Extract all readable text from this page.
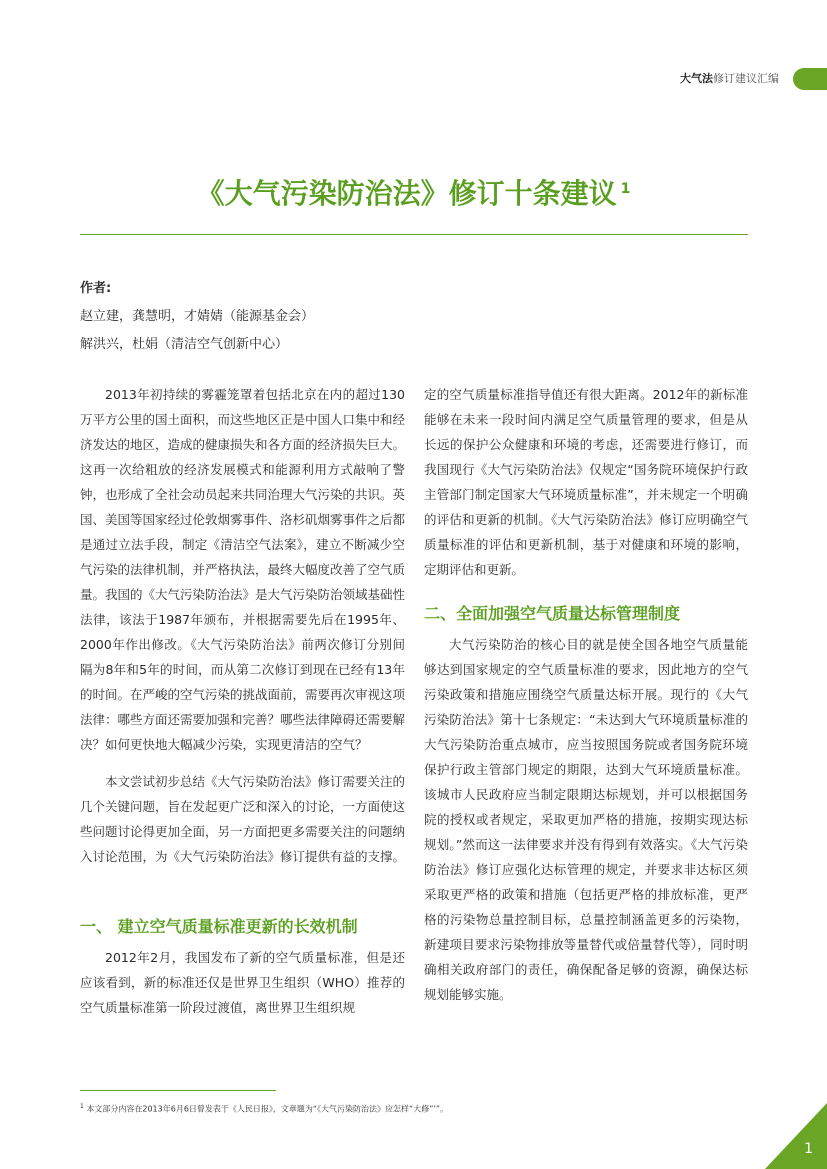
大气法修订建议汇编
《大气污染防治法》修订十条建议 $^1$
作者:
赵立建，龚慧明，才婧婧（能源基金会）
解洪兴，杜娟（清洁空气创新中心）

2013年初持续的雾霾笼罩着包括北京在内的超过130万平方公里的国土面积，而这些地区正是中国人口集中和经济发达的地区，造成的健康损失和各方面的经济损失巨大。这再一次给粗放的经济发展模式和能源利用方式敲响了警钟，也形成了全社会动员起来共同治理大气污染的共识。英国、美国等国家经过伦敦烟雾事件、洛杉矶烟雾事件之后都是通过立法手段，制定《清洁空气法案》，建立不断减少空气污染的法律机制，并严格执法，最终大幅度改善了空气质量。我国的《大气污染防治法》是大气污染防治领域基础性法律，该法于1987年颁布，并根据需要先后在1995年、2000年作出修改。《大气污染防治法》前两次修订分别间隔为8年和5年的时间，而从第二次修订到现在已经有13年的时间。在严峻的空气污染的挑战面前，需要再次审视这项法律：哪些方面还需要加强和完善？哪些法律障碍还需要解决？如何更快地大幅减少污染，实现更清洁的空气？

本文尝试初步总结《大气污染防治法》修订需要关注的几个关键问题，旨在发起更广泛和深入的讨论，一方面使这些问题讨论得更加全面，另一方面把更多需要关注的问题纳入讨论范围，为《大气污染防治法》修订提供有益的支撑。

一、 建立空气质量标准更新的长效机制

2012年2月，我国发布了新的空气质量标准，但是还应该看到，新的标准还仅是世界卫生组织（WHO）推荐的空气质量标准第一阶段过渡值，离世界卫生组织规

定的空气质量标准指导值还有很大距离。2012年的新标准能够在未来一段时间内满足空气质量管理的要求，但是从长远的保护公众健康和环境的考虑，还需要进行修订，而我国现行《大气污染防治法》仅规定“国务院环境保护行政主管部门制定国家大气环境质量标准”，并未规定一个明确的评估和更新的机制。《大气污染防治法》修订应明确空气质量标准的评估和更新机制，基于对健康和环境的影响，定期评估和更新。

二、全面加强空气质量达标管理制度

大气污染防治的核心目的就是使全国各地空气质量能够达到国家规定的空气质量标准的要求，因此地方的空气污染政策和措施应围绕空气质量达标开展。现行的《大气污染防治法》第十七条规定：“未达到大气环境质量标准的大气污染防治重点城市，应当按照国务院或者国务院环境保护行政主管部门规定的期限，达到大气环境质量标准。该城市人民政府应当制定限期达标规划，并可以根据国务院的授权或者规定，采取更加严格的措施，按期实现达标规划。”然而这一法律要求并没有得到有效落实。《大气污染防治法》修订应强化达标管理的规定，并要求非达标区须采取更严格的政策和措施（包括更严格的排放标准，更严格的污染物总量控制目标，总量控制涵盖更多的污染物，新建项目要求污染物排放等量替代或倍量替代等），同时明确相关政府部门的责任，确保配备足够的资源，确保达标规划能够实施。

$^1$ 本文部分内容在2013年6月6日曾发表于《人民日报》，文章题为“《大气污染防治法》应怎样“大修”’”。
1
